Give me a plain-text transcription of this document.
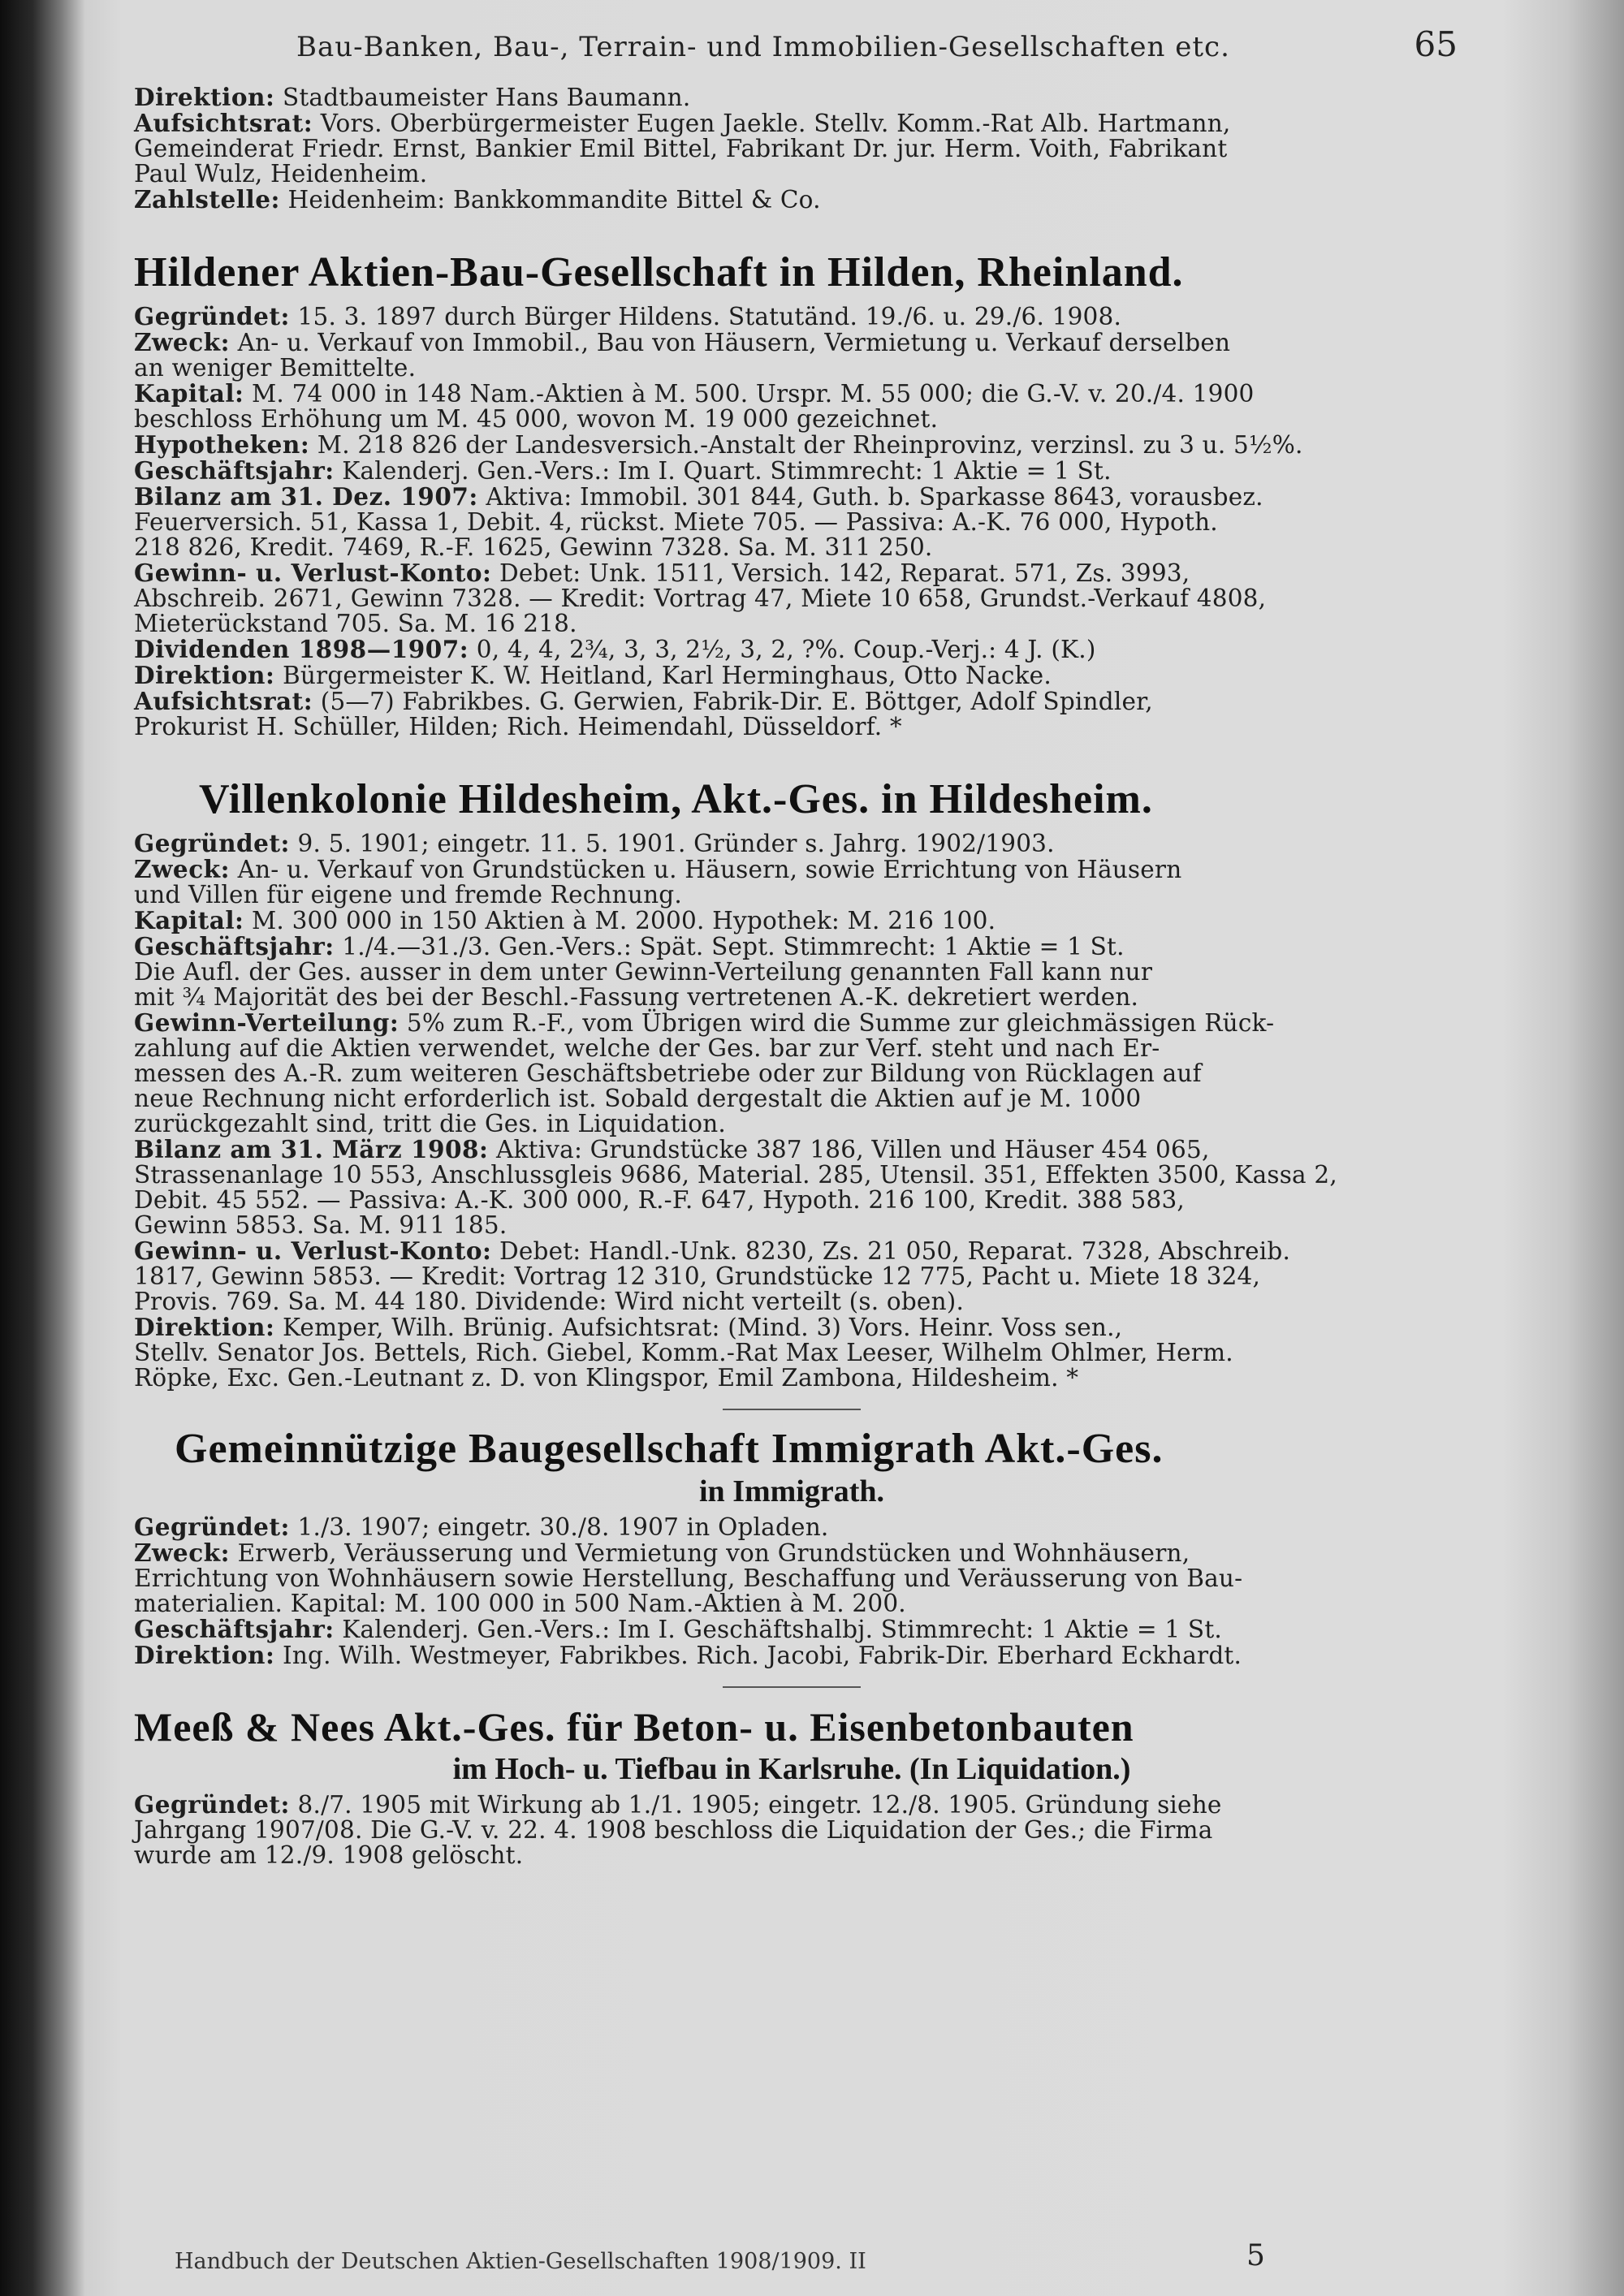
Bau-Banken, Bau-, Terrain- und Immobilien-Gesellschaften etc.	65
Direktion: Stadtbaumeister Hans Baumann.
Aufsichtsrat: Vors. Oberbürgermeister Eugen Jaekle. Stellv. Komm.-Rat Alb. Hartmann,
Gemeinderat Friedr. Ernst, Bankier Emil Bittel, Fabrikant Dr. jur. Herm. Voith, Fabrikant
Paul Wulz, Heidenheim.
Zahlstelle: Heidenheim: Bankkommandite Bittel & Co.
Hildener Aktien-Bau-Gesellschaft in Hilden, Rheinland.
Gegründet: 15. 3. 1897 durch Bürger Hildens. Statutänd. 19./6. u. 29./6. 1908.
Zweck: An- u. Verkauf von Immobil., Bau von Häusern, Vermietung u. Verkauf derselben
an weniger Bemittelte.
Kapital: M. 74 000 in 148 Nam.-Aktien à M. 500. Urspr. M. 55 000; die G.-V. v. 20./4. 1900
beschloss Erhöhung um M. 45 000, wovon M. 19 000 gezeichnet.
Hypotheken: M. 218 826 der Landesversich.-Anstalt der Rheinprovinz, verzinsl. zu 3 u. 5½%.
Geschäftsjahr: Kalenderj. Gen.-Vers.: Im I. Quart. Stimmrecht: 1 Aktie = 1 St.
Bilanz am 31. Dez. 1907: Aktiva: Immobil. 301 844, Guth. b. Sparkasse 8643, vorausbez.
Feuerversich. 51, Kassa 1, Debit. 4, rückst. Miete 705. — Passiva: A.-K. 76 000, Hypoth.
218 826, Kredit. 7469, R.-F. 1625, Gewinn 7328. Sa. M. 311 250.
Gewinn- u. Verlust-Konto: Debet: Unk. 1511, Versich. 142, Reparat. 571, Zs. 3993,
Abschreib. 2671, Gewinn 7328. — Kredit: Vortrag 47, Miete 10 658, Grundst.-Verkauf 4808,
Mieterückstand 705. Sa. M. 16 218.
Dividenden 1898—1907: 0, 4, 4, 2¾, 3, 3, 2½, 3, 2, ?%. Coup.-Verj.: 4 J. (K.)
Direktion: Bürgermeister K. W. Heitland, Karl Herminghaus, Otto Nacke.
Aufsichtsrat: (5—7) Fabrikbes. G. Gerwien, Fabrik-Dir. E. Böttger, Adolf Spindler,
Prokurist H. Schüller, Hilden; Rich. Heimendahl, Düsseldorf. *
Villenkolonie Hildesheim, Akt.-Ges. in Hildesheim.
Gegründet: 9. 5. 1901; eingetr. 11. 5. 1901. Gründer s. Jahrg. 1902/1903.
Zweck: An- u. Verkauf von Grundstücken u. Häusern, sowie Errichtung von Häusern
und Villen für eigene und fremde Rechnung.
Kapital: M. 300 000 in 150 Aktien à M. 2000. Hypothek: M. 216 100.
Geschäftsjahr: 1./4.—31./3. Gen.-Vers.: Spät. Sept. Stimmrecht: 1 Aktie = 1 St.
Die Aufl. der Ges. ausser in dem unter Gewinn-Verteilung genannten Fall kann nur
mit ¾ Majorität des bei der Beschl.-Fassung vertretenen A.-K. dekretiert werden.
Gewinn-Verteilung: 5% zum R.-F., vom Übrigen wird die Summe zur gleichmässigen Rück-
zahlung auf die Aktien verwendet, welche der Ges. bar zur Verf. steht und nach Er-
messen des A.-R. zum weiteren Geschäftsbetriebe oder zur Bildung von Rücklagen auf
neue Rechnung nicht erforderlich ist. Sobald dergestalt die Aktien auf je M. 1000
zurückgezahlt sind, tritt die Ges. in Liquidation.
Bilanz am 31. März 1908: Aktiva: Grundstücke 387 186, Villen und Häuser 454 065,
Strassenanlage 10 553, Anschlussgleis 9686, Material. 285, Utensil. 351, Effekten 3500, Kassa 2,
Debit. 45 552. — Passiva: A.-K. 300 000, R.-F. 647, Hypoth. 216 100, Kredit. 388 583,
Gewinn 5853. Sa. M. 911 185.
Gewinn- u. Verlust-Konto: Debet: Handl.-Unk. 8230, Zs. 21 050, Reparat. 7328, Abschreib.
1817, Gewinn 5853. — Kredit: Vortrag 12 310, Grundstücke 12 775, Pacht u. Miete 18 324,
Provis. 769. Sa. M. 44 180. Dividende: Wird nicht verteilt (s. oben).
Direktion: Kemper, Wilh. Brünig. Aufsichtsrat: (Mind. 3) Vors. Heinr. Voss sen.,
Stellv. Senator Jos. Bettels, Rich. Giebel, Komm.-Rat Max Leeser, Wilhelm Ohlmer, Herm.
Röpke, Exc. Gen.-Leutnant z. D. von Klingspor, Emil Zambona, Hildesheim. *
Gemeinnützige Baugesellschaft Immigrath Akt.-Ges.
in Immigrath.
Gegründet: 1./3. 1907; eingetr. 30./8. 1907 in Opladen.
Zweck: Erwerb, Veräusserung und Vermietung von Grundstücken und Wohnhäusern,
Errichtung von Wohnhäusern sowie Herstellung, Beschaffung und Veräusserung von Bau-
materialien. Kapital: M. 100 000 in 500 Nam.-Aktien à M. 200.
Geschäftsjahr: Kalenderj. Gen.-Vers.: Im I. Geschäftshalbj. Stimmrecht: 1 Aktie = 1 St.
Direktion: Ing. Wilh. Westmeyer, Fabrikbes. Rich. Jacobi, Fabrik-Dir. Eberhard Eckhardt.
Meeß & Nees Akt.-Ges. für Beton- u. Eisenbetonbauten
im Hoch- u. Tiefbau in Karlsruhe. (In Liquidation.)
Gegründet: 8./7. 1905 mit Wirkung ab 1./1. 1905; eingetr. 12./8. 1905. Gründung siehe
Jahrgang 1907/08. Die G.-V. v. 22. 4. 1908 beschloss die Liquidation der Ges.; die Firma
wurde am 12./9. 1908 gelöscht.
Handbuch der Deutschen Aktien-Gesellschaften 1908/1909. II	5
